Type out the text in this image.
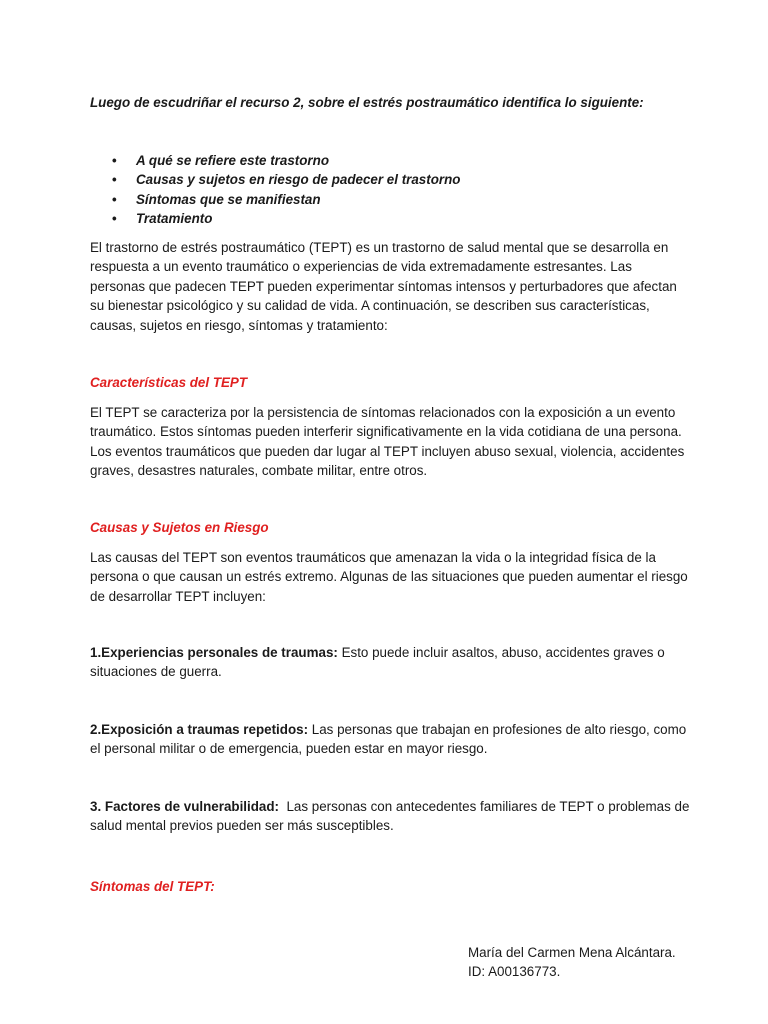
Luego de escudriñar el recurso 2, sobre el estrés postraumático identifica lo siguiente:

• A qué se refiere este trastorno
• Causas y sujetos en riesgo de padecer el trastorno
• Síntomas que se manifiestan
• Tratamiento

El trastorno de estrés postraumático (TEPT) es un trastorno de salud mental que se desarrolla en respuesta a un evento traumático o experiencias de vida extremadamente estresantes. Las personas que padecen TEPT pueden experimentar síntomas intensos y perturbadores que afectan su bienestar psicológico y su calidad de vida. A continuación, se describen sus características, causas, sujetos en riesgo, síntomas y tratamiento:

Características del TEPT

El TEPT se caracteriza por la persistencia de síntomas relacionados con la exposición a un evento traumático. Estos síntomas pueden interferir significativamente en la vida cotidiana de una persona. Los eventos traumáticos que pueden dar lugar al TEPT incluyen abuso sexual, violencia, accidentes graves, desastres naturales, combate militar, entre otros.

Causas y Sujetos en Riesgo

Las causas del TEPT son eventos traumáticos que amenazan la vida o la integridad física de la persona o que causan un estrés extremo. Algunas de las situaciones que pueden aumentar el riesgo de desarrollar TEPT incluyen:

1.Experiencias personales de traumas: Esto puede incluir asaltos, abuso, accidentes graves o situaciones de guerra.

2.Exposición a traumas repetidos: Las personas que trabajan en profesiones de alto riesgo, como el personal militar o de emergencia, pueden estar en mayor riesgo.

3. Factores de vulnerabilidad:  Las personas con antecedentes familiares de TEPT o problemas de salud mental previos pueden ser más susceptibles.

Síntomas del TEPT:
María del Carmen Mena Alcántara.
ID: A00136773.
